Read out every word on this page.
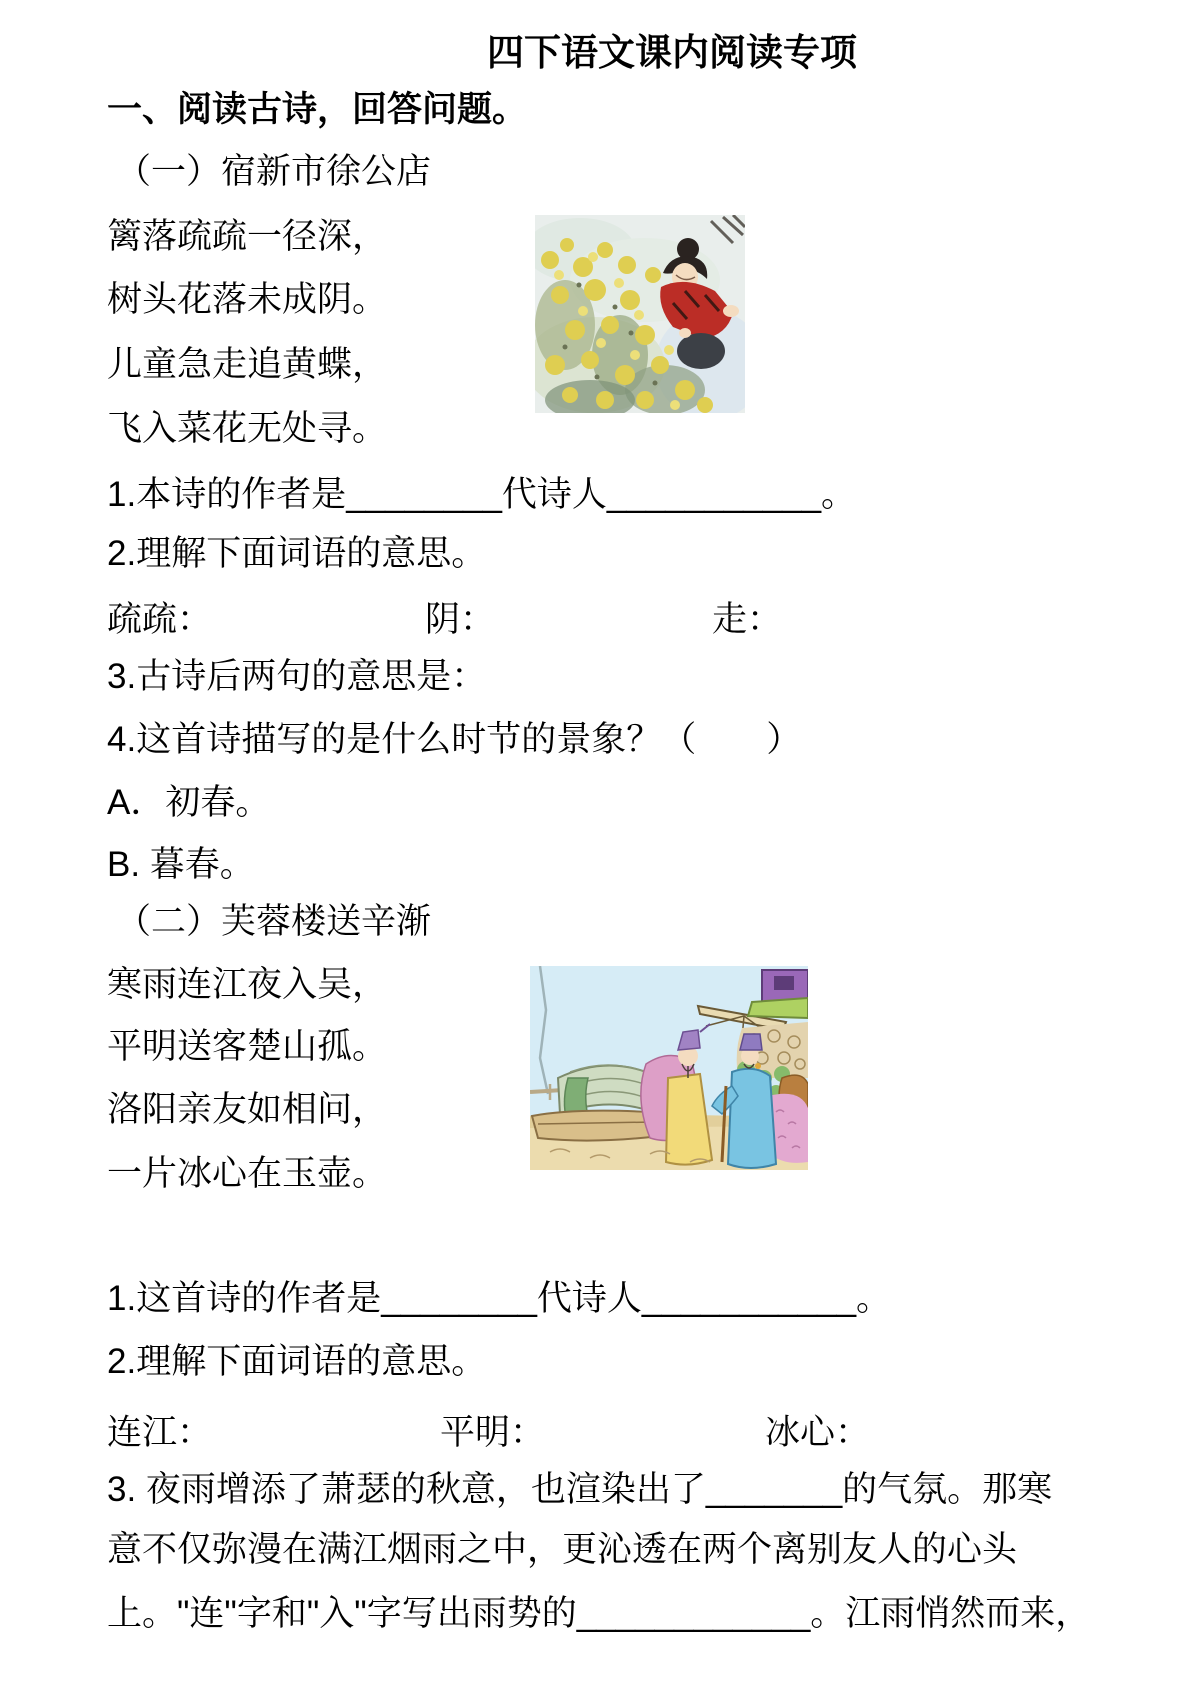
四下语文课内阅读专项
一、阅读古诗，回答问题。
（一）宿新市徐公店
篱落疏疏一径深，
树头花落未成阴。
儿童急走追黄蝶，
飞入菜花无处寻。
1.本诗的作者是________代诗人___________。
2.理解下面词语的意思。
疏疏：	阴：	走：
3.古诗后两句的意思是：
4.这首诗描写的是什么时节的景象？（　　）
A．初春。
B. 暮春。
（二）芙蓉楼送辛渐
寒雨连江夜入吴，
平明送客楚山孤。
洛阳亲友如相问，
一片冰心在玉壶。
1.这首诗的作者是________代诗人___________。
2.理解下面词语的意思。
连江：	平明：	冰心：
3. 夜雨增添了萧瑟的秋意，也渲染出了_______的气氛。那寒
意不仅弥漫在满江烟雨之中，更沁透在两个离别友人的心头
上。"连"字和"入"字写出雨势的____________。江雨悄然而来，
